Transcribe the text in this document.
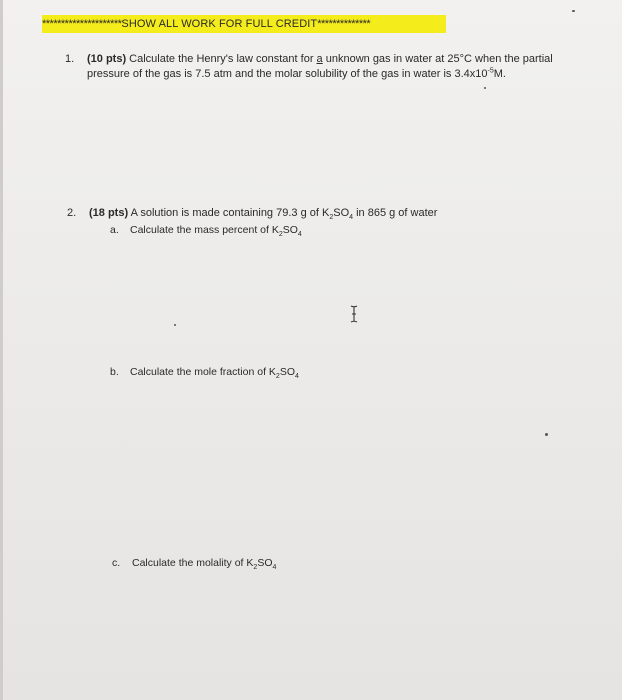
*********************SHOW ALL WORK FOR FULL CREDIT**************
1. (10 pts) Calculate the Henry's law constant for a unknown gas in water at 25°C when the partial
pressure of the gas is 7.5 atm and the molar solubility of the gas in water is $3.4x10^{-5}M$.
2. (18 pts) A solution is made containing 79.3 g of $K_2SO_4$ in 865 g of water
a. Calculate the mass percent of $K_2SO_4$
b. Calculate the mole fraction of $K_2SO_4$
c. Calculate the molality of $K_2SO_4$
